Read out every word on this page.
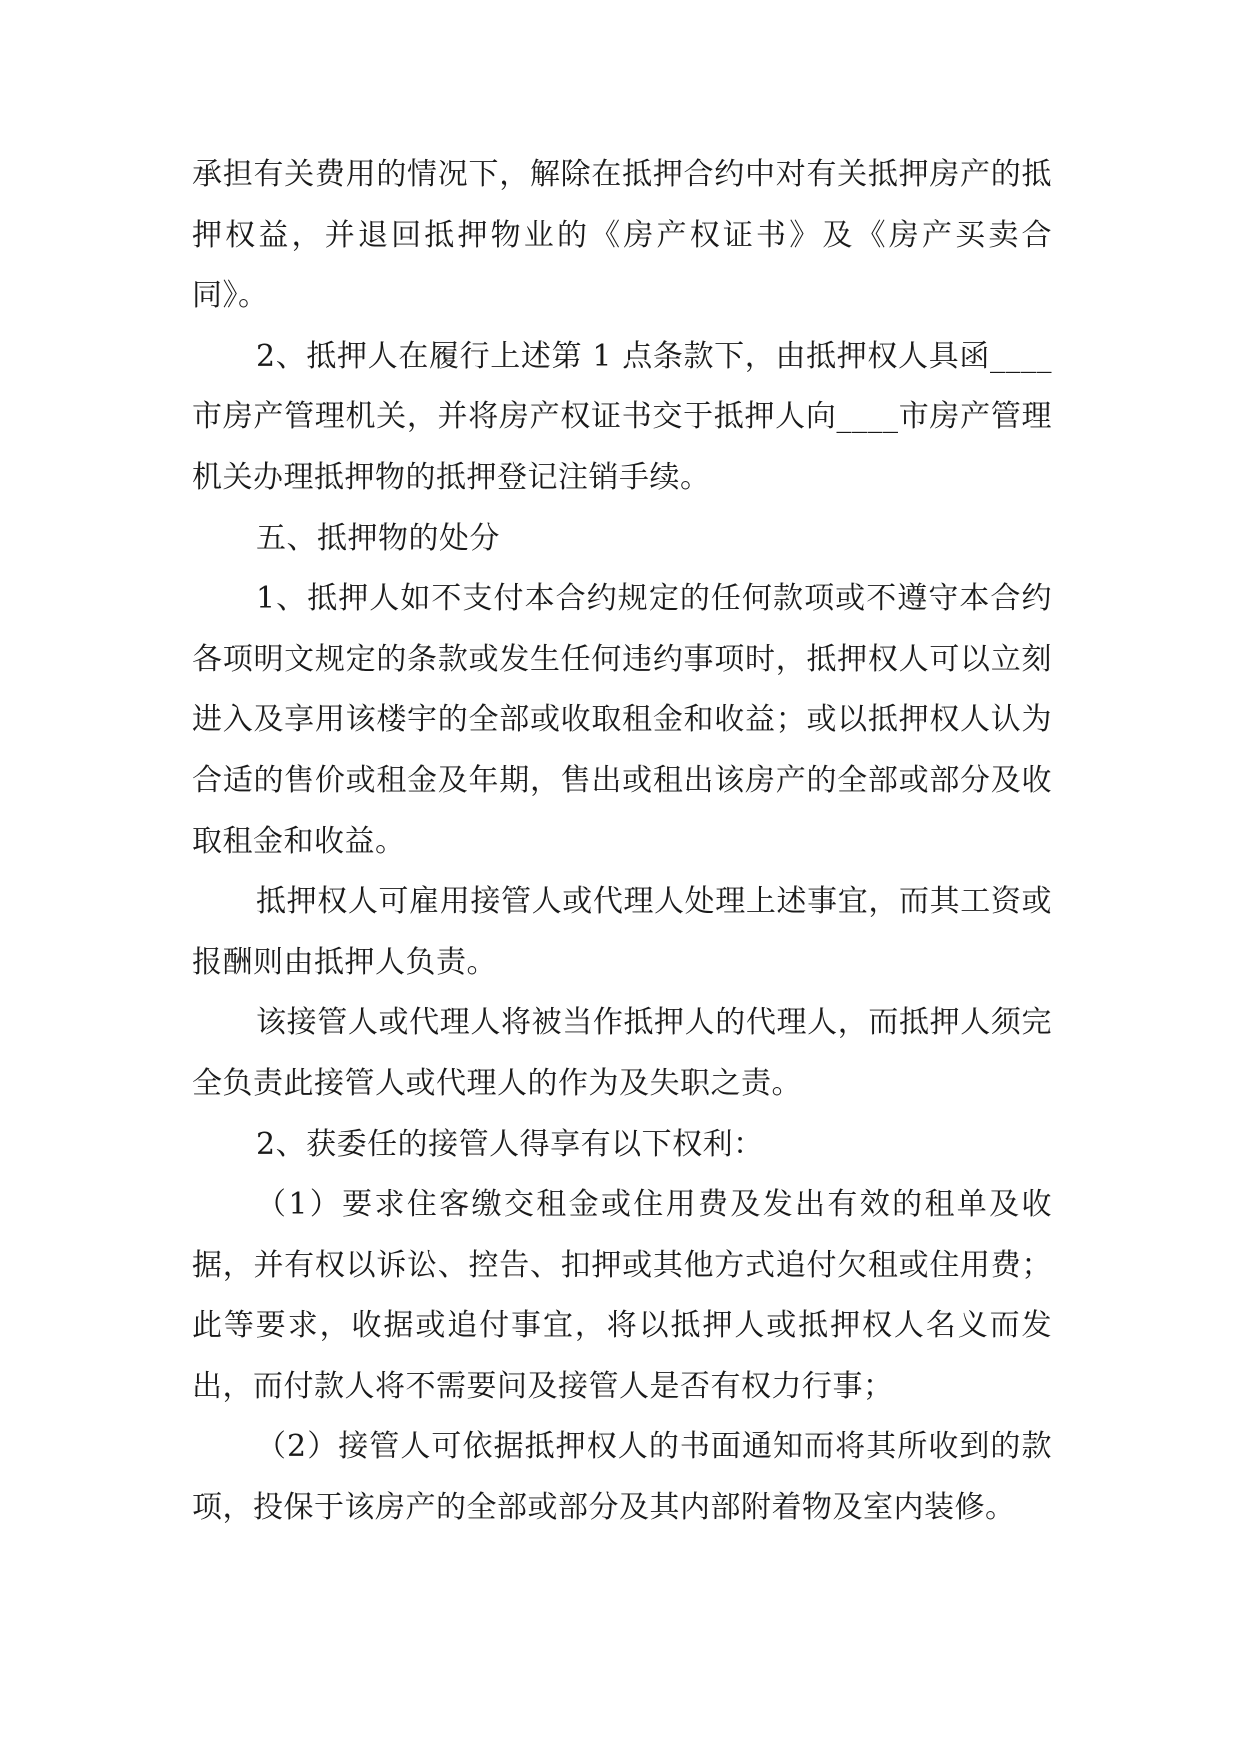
承担有关费用的情况下，解除在抵押合约中对有关抵押房产的抵押权益，并退回抵押物业的《房产权证书》及《房产买卖合同》。

2、抵押人在履行上述第 1 点条款下，由抵押权人具函____市房产管理机关，并将房产权证书交于抵押人向____市房产管理机关办理抵押物的抵押登记注销手续。

五、抵押物的处分

1、抵押人如不支付本合约规定的任何款项或不遵守本合约各项明文规定的条款或发生任何违约事项时，抵押权人可以立刻进入及享用该楼宇的全部或收取租金和收益；或以抵押权人认为合适的售价或租金及年期，售出或租出该房产的全部或部分及收取租金和收益。

抵押权人可雇用接管人或代理人处理上述事宜，而其工资或报酬则由抵押人负责。

该接管人或代理人将被当作抵押人的代理人，而抵押人须完全负责此接管人或代理人的作为及失职之责。

2、获委任的接管人得享有以下权利：

（1）要求住客缴交租金或住用费及发出有效的租单及收据，并有权以诉讼、控告、扣押或其他方式追付欠租或住用费；此等要求，收据或追付事宜，将以抵押人或抵押权人名义而发出，而付款人将不需要问及接管人是否有权力行事；

（2）接管人可依据抵押权人的书面通知而将其所收到的款项，投保于该房产的全部或部分及其内部附着物及室内装修。
